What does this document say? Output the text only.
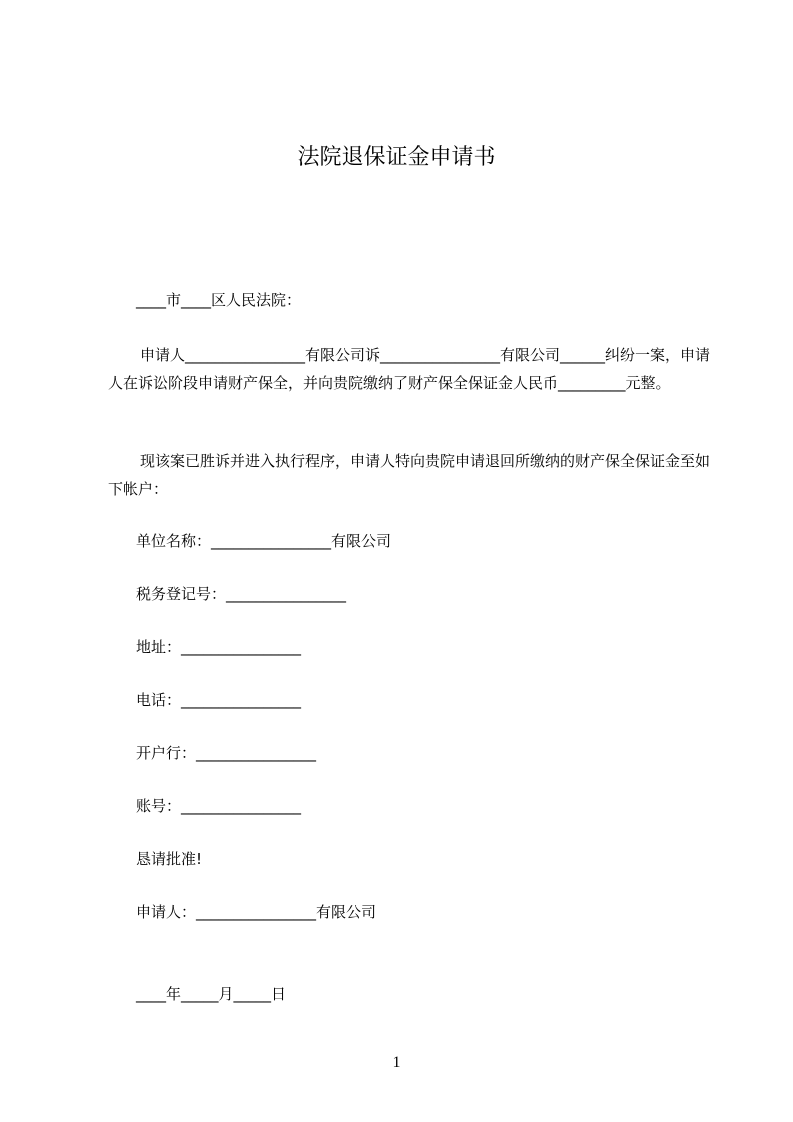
法院退保证金申请书
____市____区人民法院：
申请人________________有限公司诉________________有限公司______纠纷一案，申请人在诉讼阶段申请财产保全，并向贵院缴纳了财产保全保证金人民币_________元整。
现该案已胜诉并进入执行程序，申请人特向贵院申请退回所缴纳的财产保全保证金至如下帐户：
单位名称：________________有限公司
税务登记号：________________
地址：________________
电话：________________
开户行：________________
账号：________________
恳请批准!
申请人：________________有限公司
____年_____月_____日
1
